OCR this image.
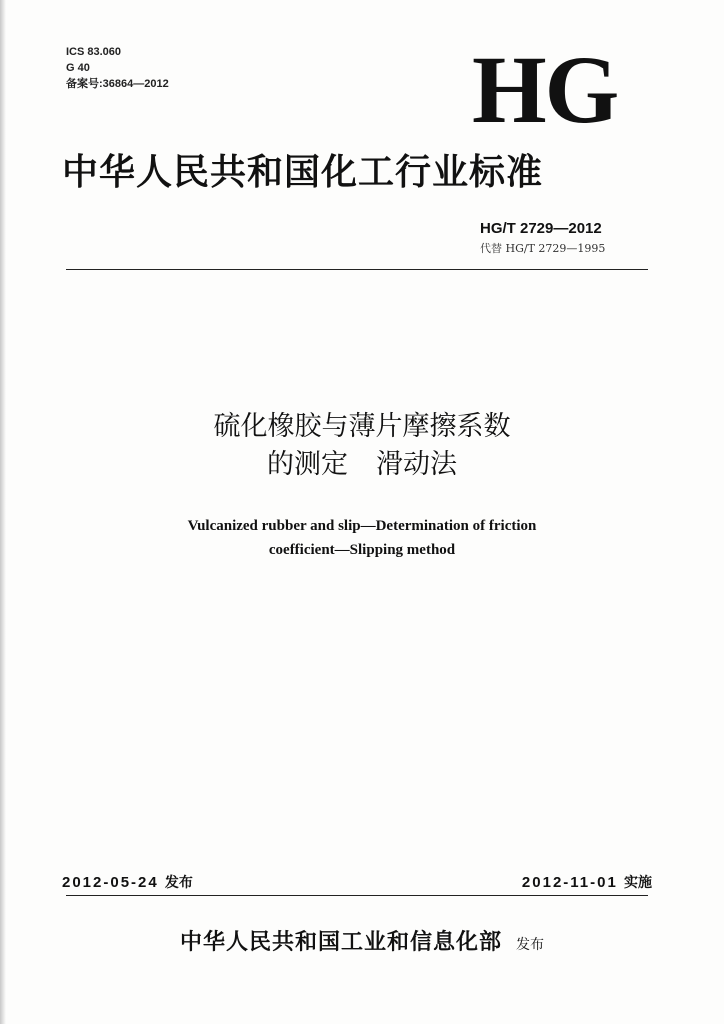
ICS 83.060
G 40
备案号:36864—2012	HG
中华人民共和国化工行业标准
HG/T 2729—2012
代替 HG/T 2729—1995
硫化橡胶与薄片摩擦系数
的测定 滑动法
Vulcanized rubber and slip—Determination of friction
coefficient—Slipping method
2012-05-24 发布	2012-11-01 实施
中华人民共和国工业和信息化部 发布
